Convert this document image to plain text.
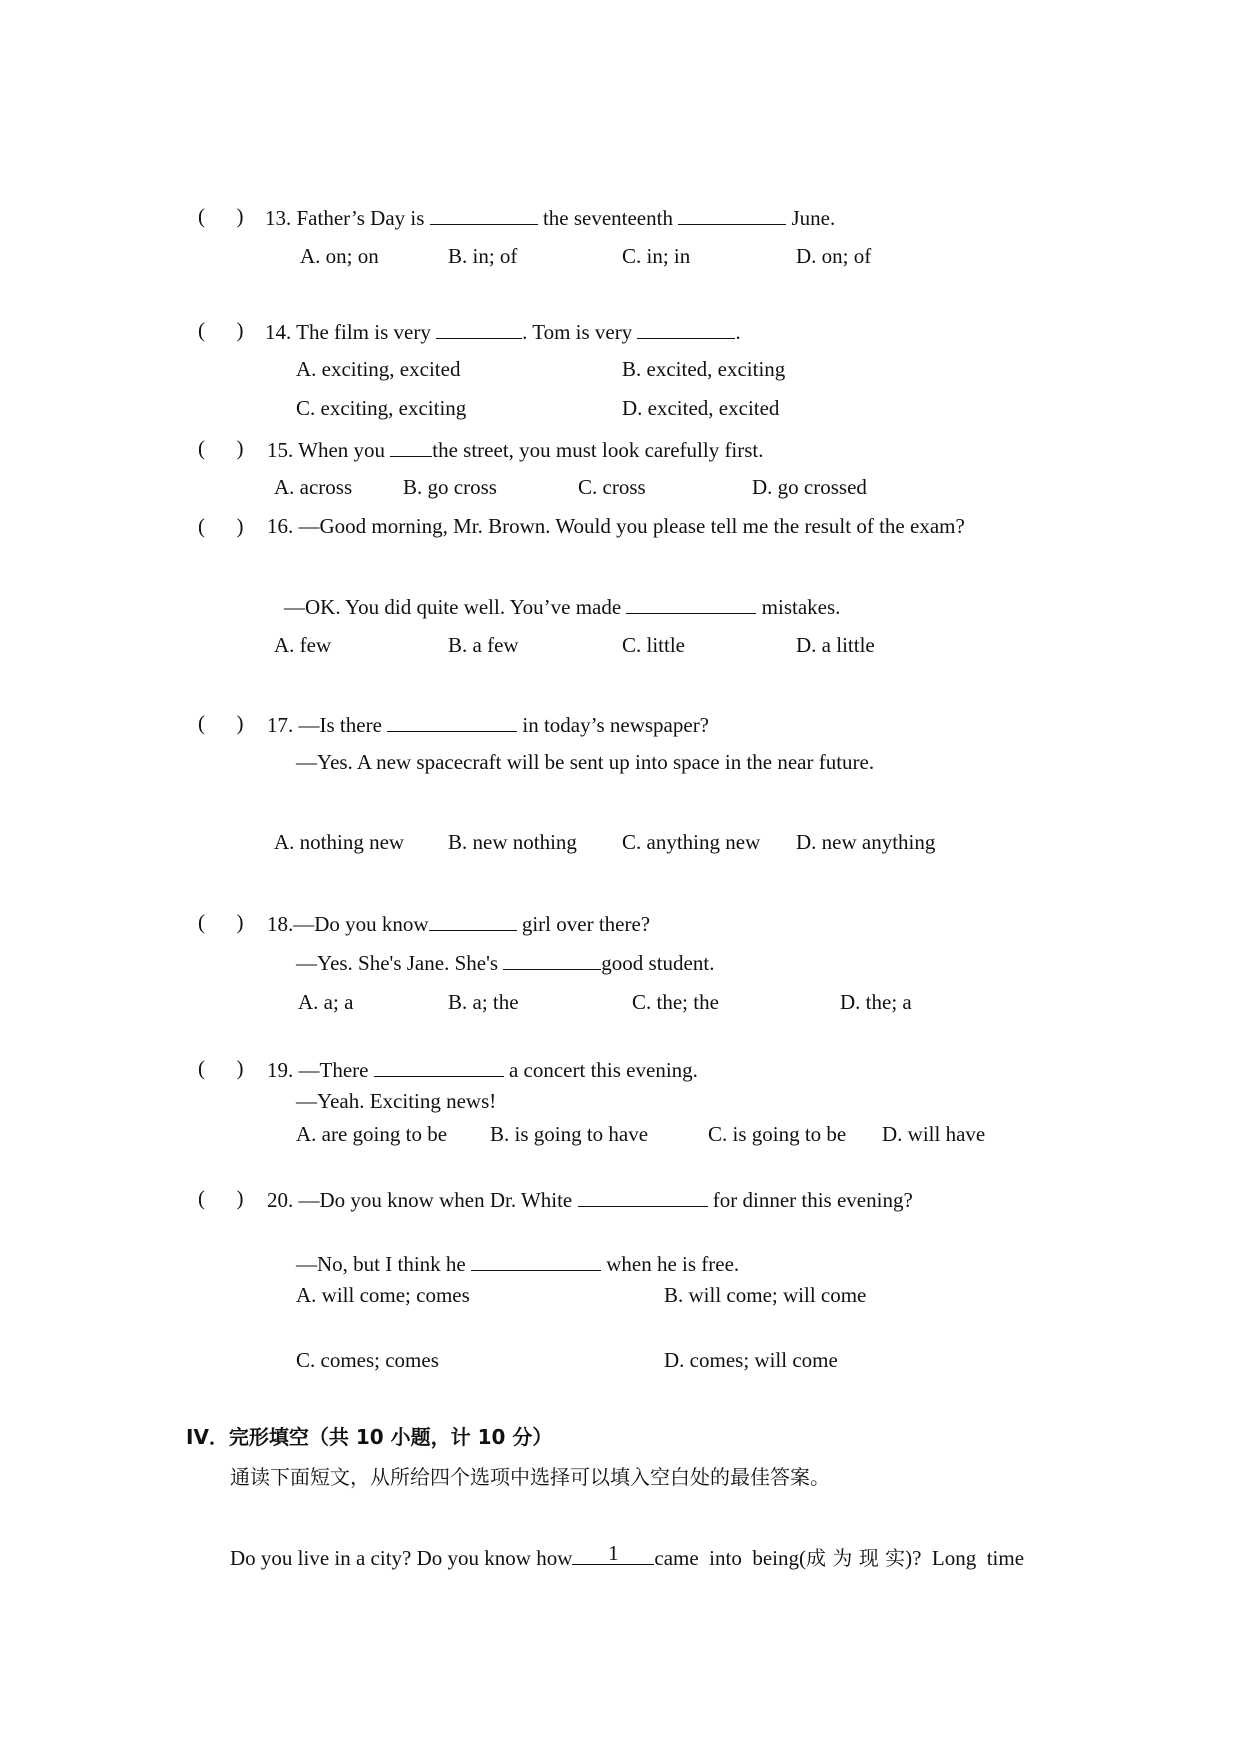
( ) 13. Father’s Day is	the seventeenth	June.
A. on; on	B. in; of	C. in; in	D. on; of
( ) 14. The film is very	. Tom is very	.
A. exciting, excited	B. excited, exciting
C. exciting, exciting	D. excited, excited
( ) 15. When you the street, you must look carefully first.
A. across B. go cross	C. cross	D. go crossed
( ) 16. —Good morning, Mr. Brown. Would you please tell me the result of the exam?
—OK. You did quite well. You’ve made	mistakes.
A. few	B. a few	C. little	D. a little
( ) 17. —Is there	in today’s newspaper?
—Yes. A new spacecraft will be sent up into space in the near future.
A. nothing new B. new nothing C. anything new D. new anything
( ) 18.—Do you know	girl over there?
—Yes. She's Jane. She's	good student.
A. a; a	B. a; the	C. the; the	D. the; a
( ) 19. —There	a concert this evening.
—Yeah. Exciting news!
A. are going to be B. is going to have	C. is going to be D. will have
( ) 20. —Do you know when Dr. White	for dinner this evening?
—No, but I think he	when he is free.
A. will come; comes	B. will come; will come
C. comes; comes	D. comes; will come
IV．完形填空（共 10 小题，计 10 分）
通读下面短文，从所给四个选项中选择可以填入空白处的最佳答案。
Do you live in a city? Do you know how	1	came  into  being(成 为 现 实)?  Long  time
